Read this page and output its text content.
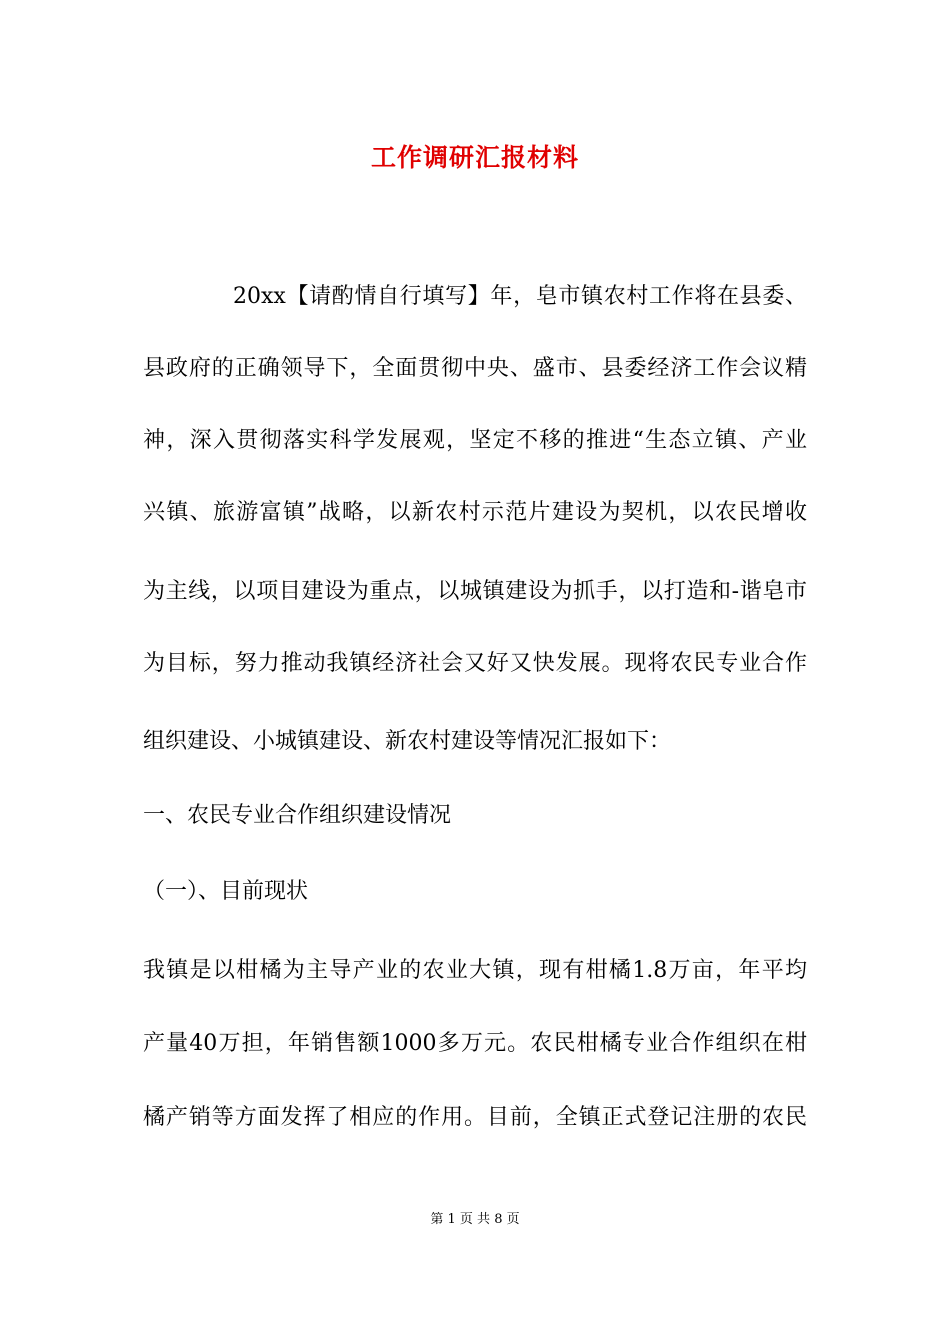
工作调研汇报材料
20xx【请酌情自行填写】年，皂市镇农村工作将在县委、
县政府的正确领导下，全面贯彻中央、盛市、县委经济工作会议精
神，深入贯彻落实科学发展观，坚定不移的推进“生态立镇、产业
兴镇、旅游富镇”战略，以新农村示范片建设为契机，以农民增收
为主线，以项目建设为重点，以城镇建设为抓手，以打造和-谐皂市
为目标，努力推动我镇经济社会又好又快发展。现将农民专业合作
组织建设、小城镇建设、新农村建设等情况汇报如下：
一、农民专业合作组织建设情况
（一）、目前现状
我镇是以柑橘为主导产业的农业大镇，现有柑橘1.8万亩，年平均
产量40万担，年销售额1000多万元。农民柑橘专业合作组织在柑
橘产销等方面发挥了相应的作用。目前，全镇正式登记注册的农民
第 1 页 共 8 页
